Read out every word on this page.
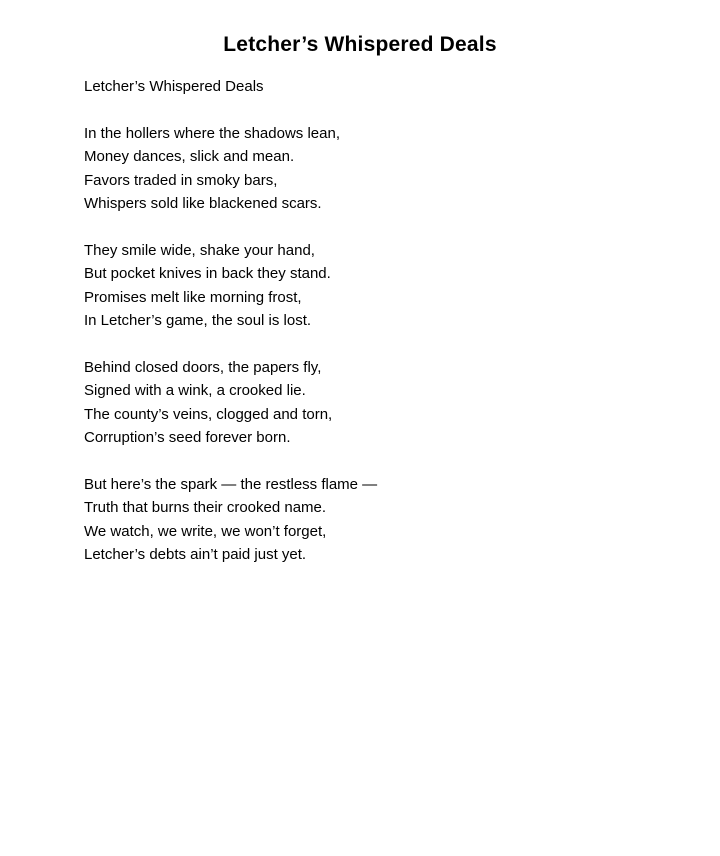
Letcher’s Whispered Deals

Letcher’s Whispered Deals

In the hollers where the shadows lean,
Money dances, slick and mean.
Favors traded in smoky bars,
Whispers sold like blackened scars.
They smile wide, shake your hand,
But pocket knives in back they stand.
Promises melt like morning frost,
In Letcher’s game, the soul is lost.
Behind closed doors, the papers fly,
Signed with a wink, a crooked lie.
The county’s veins, clogged and torn,
Corruption’s seed forever born.
But here’s the spark — the restless flame —
Truth that burns their crooked name.
We watch, we write, we won’t forget,
Letcher’s debts ain’t paid just yet.
